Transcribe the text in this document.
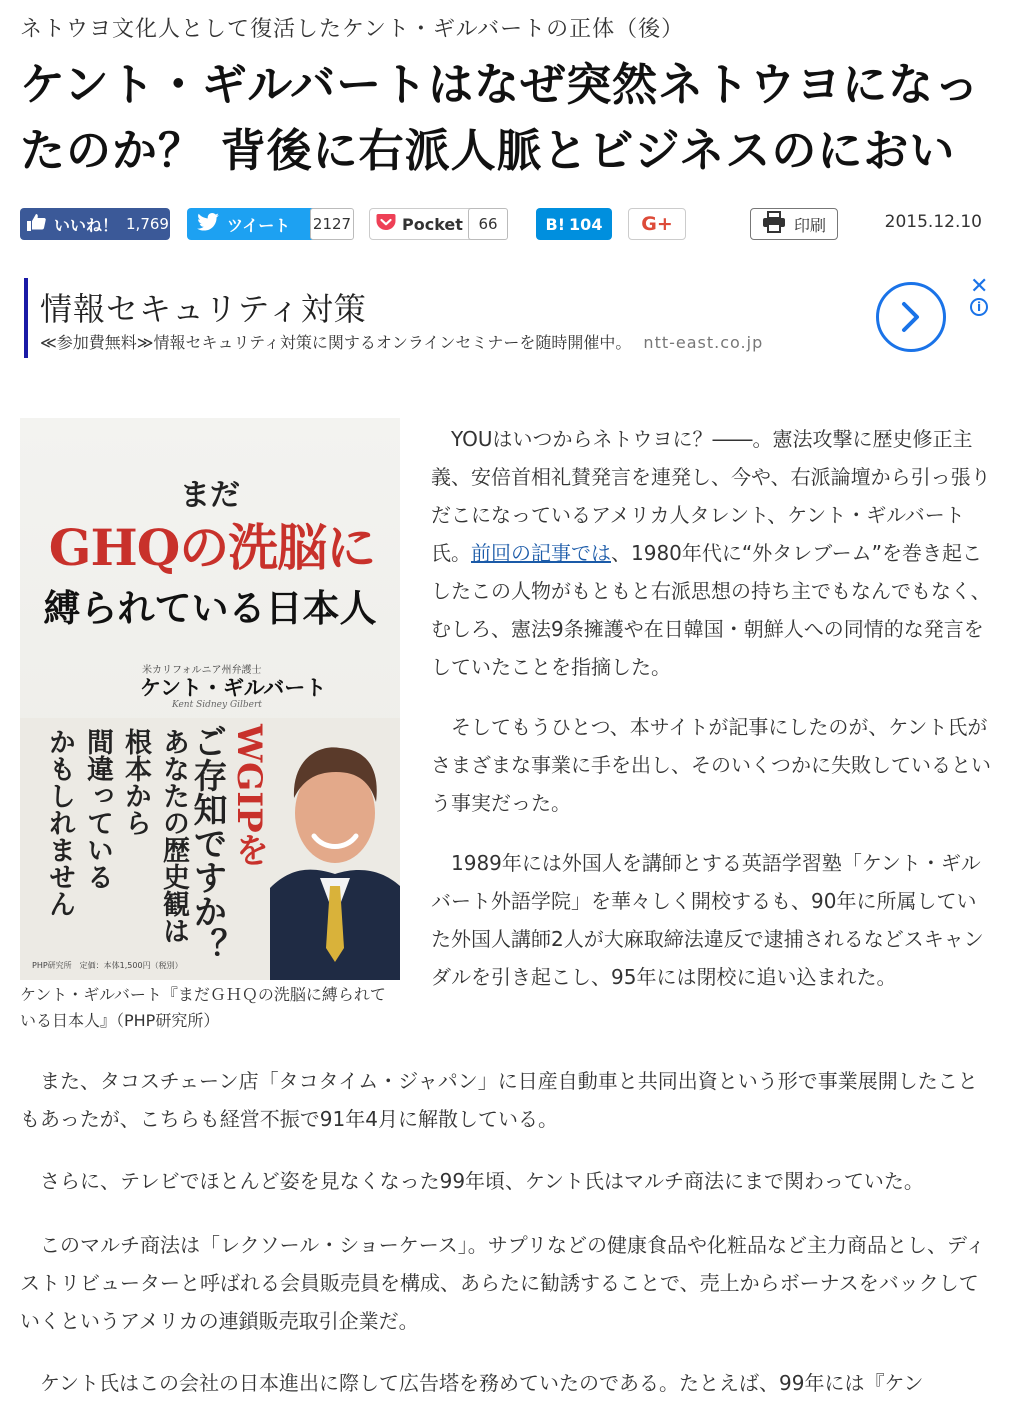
ネトウヨ文化人として復活したケント・ギルバートの正体（後）
ケント・ギルバートはなぜ突然ネトウヨになったのか？ 背後に右派人脈とビジネスのにおい
いいね！ 1,769	ツイート 2127	Pocket	66	B! 104 G+	印刷	2015.12.10
情報セキュリティ対策
≪参加費無料≫情報セキュリティ対策に関するオンラインセミナーを随時開催中。 ntt-east.co.jp
✕
i
まだ
GHQの洗脳に
縛られている日本人
米カリフォルニア州弁護士
ケント・ギルバート
Kent Sidney Gilbert
あなたの歴史観は
根本から
間違っている
かもしれません	WGIPを
ご存知ですか？
PHP研究所　定価：本体1,500円（税別）
ケント・ギルバート『まだＧＨＱの洗脳に縛られている日本人』（PHP研究所）

YOUはいつからネトウヨに？――。憲法攻撃に歴史修正主義、安倍首相礼賛発言を連発し、今や、右派論壇から引っ張りだこになっているアメリカ人タレント、ケント・ギルバート氏。前回の記事では、1980年代に“外タレブーム”を巻き起こしたこの人物がもともと右派思想の持ち主でもなんでもなく、むしろ、憲法9条擁護や在日韓国・朝鮮人への同情的な発言をしていたことを指摘した。

そしてもうひとつ、本サイトが記事にしたのが、ケント氏がさまざまな事業に手を出し、そのいくつかに失敗しているという事実だった。

1989年には外国人を講師とする英語学習塾「ケント・ギルバート外語学院」を華々しく開校するも、90年に所属していた外国人講師2人が大麻取締法違反で逮捕されるなどスキャンダルを引き起こし、95年には閉校に追い込まれた。

また、タコスチェーン店「タコタイム・ジャパン」に日産自動車と共同出資という形で事業展開したこともあったが、こちらも経営不振で91年4月に解散している。

さらに、テレビでほとんど姿を見なくなった99年頃、ケント氏はマルチ商法にまで関わっていた。

このマルチ商法は「レクソール・ショーケース」。サプリなどの健康食品や化粧品など主力商品とし、ディストリビューターと呼ばれる会員販売員を構成、あらたに勧誘することで、売上からボーナスをバックしていくというアメリカの連鎖販売取引企業だ。

ケント氏はこの会社の日本進出に際して広告塔を務めていたのである。たとえば、99年には『ケン
